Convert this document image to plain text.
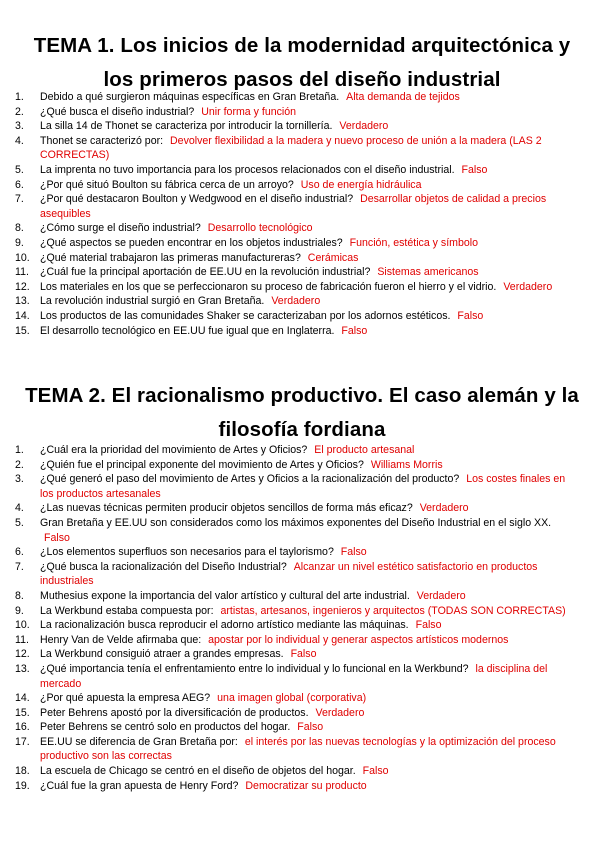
TEMA 1. Los inicios de la modernidad arquitectónica y los primeros pasos del diseño industrial
1.	Debido a qué surgieron máquinas específicas en Gran Bretaña. Alta demanda de tejidos
2.	¿Qué busca el diseño industrial? Unir forma y función
3.	La silla 14 de Thonet se caracteriza por introducir la tornillería. Verdadero
4.	Thonet se caracterizó por: Devolver flexibilidad a la madera y nuevo proceso de unión a la madera (LAS 2 CORRECTAS)
5.	La imprenta no tuvo importancia para los procesos relacionados con el diseño industrial. Falso
6.	¿Por qué situó Boulton su fábrica cerca de un arroyo? Uso de energía hidráulica
7.	¿Por qué destacaron Boulton y Wedgwood en el diseño industrial? Desarrollar objetos de calidad a precios asequibles
8.	¿Cómo surge el diseño industrial? Desarrollo tecnológico
9.	¿Qué aspectos se pueden encontrar en los objetos industriales? Función, estética y símbolo
10. ¿Qué material trabajaron las primeras manufactureras? Cerámicas
11.	¿Cuál fue la principal aportación de EE.UU en la revolución industrial? Sistemas americanos
12. Los materiales en los que se perfeccionaron su proceso de fabricación fueron el hierro y el vidrio. Verdadero
13. La revolución industrial surgió en Gran Bretaña. Verdadero
14. Los productos de las comunidades Shaker se caracterizaban por los adornos estéticos. Falso
15. El desarrollo tecnológico en EE.UU fue igual que en Inglaterra. Falso
TEMA 2. El racionalismo productivo. El caso alemán y la filosofía fordiana
1.	¿Cuál era la prioridad del movimiento de Artes y Oficios? El producto artesanal
2.	¿Quién fue el principal exponente del movimiento de Artes y Oficios? Williams Morris
3.	¿Qué generó el paso del movimiento de Artes y Oficios a la racionalización del producto? Los costes finales en los productos artesanales
4.	¿Las nuevas técnicas permiten producir objetos sencillos de forma más eficaz? Verdadero
5.	Gran Bretaña y EE.UU son considerados como los máximos exponentes del Diseño Industrial en el siglo XX. Falso
6.	¿Los elementos superfluos son necesarios para el taylorismo? Falso
7.	¿Qué busca la racionalización del Diseño Industrial? Alcanzar un nivel estético satisfactorio en productos industriales
8.	Muthesius expone la importancia del valor artístico y cultural del arte industrial. Verdadero
9.	La Werkbund estaba compuesta por: artistas, artesanos, ingenieros y arquitectos (TODAS SON CORRECTAS)
10. La racionalización busca reproducir el adorno artístico mediante las máquinas. Falso
11.	Henry Van de Velde afirmaba que: apostar por lo individual y generar aspectos artísticos modernos
12. La Werkbund consiguió atraer a grandes empresas. Falso
13. ¿Qué importancia tenía el enfrentamiento entre lo individual y lo funcional en la Werkbund? la disciplina del mercado
14. ¿Por qué apuesta la empresa AEG? una imagen global (corporativa)
15. Peter Behrens apostó por la diversificación de productos. Verdadero
16. Peter Behrens se centró solo en productos del hogar. Falso
17. EE.UU se diferencia de Gran Bretaña por: el interés por las nuevas tecnologías y la optimización del proceso productivo son las correctas
18. La escuela de Chicago se centró en el diseño de objetos del hogar. Falso
19. ¿Cuál fue la gran apuesta de Henry Ford? Democratizar su producto
